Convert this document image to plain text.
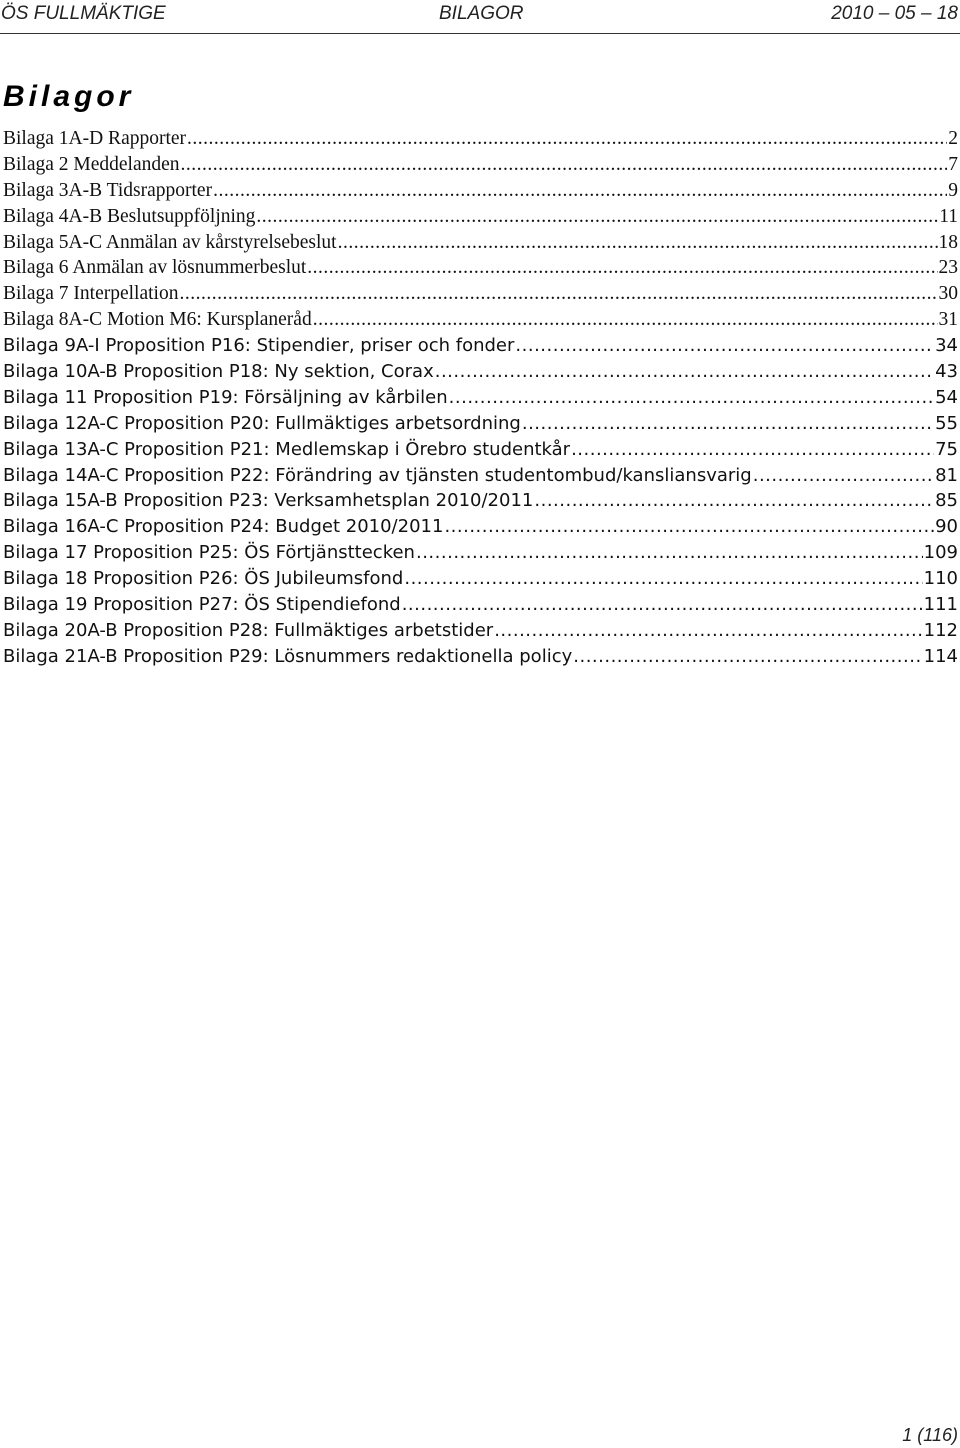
ÖS FULLMÄKTIGE	BILAGOR	2010 – 05 – 18
Bilagor
Bilaga 1A-D Rapporter .....	2
Bilaga 2 Meddelanden .....	7
Bilaga 3A-B Tidsrapporter .....	9
Bilaga 4A-B Beslutsuppföljning .....	11
Bilaga 5A-C Anmälan av kårstyrelsebeslut .....	18
Bilaga 6 Anmälan av lösnummerbeslut .....	23
Bilaga 7 Interpellation .....	30
Bilaga 8A-C Motion M6: Kursplaneråd .....	31
Bilaga 9A-I Proposition P16: Stipendier, priser och fonder .....	34
Bilaga 10A-B Proposition P18: Ny sektion, Corax .....	43
Bilaga 11 Proposition P19: Försäljning av kårbilen .....	54
Bilaga 12A-C Proposition P20: Fullmäktiges arbetsordning .....	55
Bilaga 13A-C Proposition P21: Medlemskap i Örebro studentkår .....	75
Bilaga 14A-C Proposition P22: Förändring av tjänsten studentombud/kansliansvarig .....	81
Bilaga 15A-B Proposition P23: Verksamhetsplan 2010/2011 .....	85
Bilaga 16A-C Proposition P24: Budget 2010/2011 .....	90
Bilaga 17 Proposition P25: ÖS Förtjänsttecken .....	109
Bilaga 18 Proposition P26: ÖS Jubileumsfond .....	110
Bilaga 19 Proposition P27: ÖS Stipendiefond .....	111
Bilaga 20A-B Proposition P28: Fullmäktiges arbetstider .....	112
Bilaga 21A-B Proposition P29: Lösnummers redaktionella policy .....	114
1 (116)
